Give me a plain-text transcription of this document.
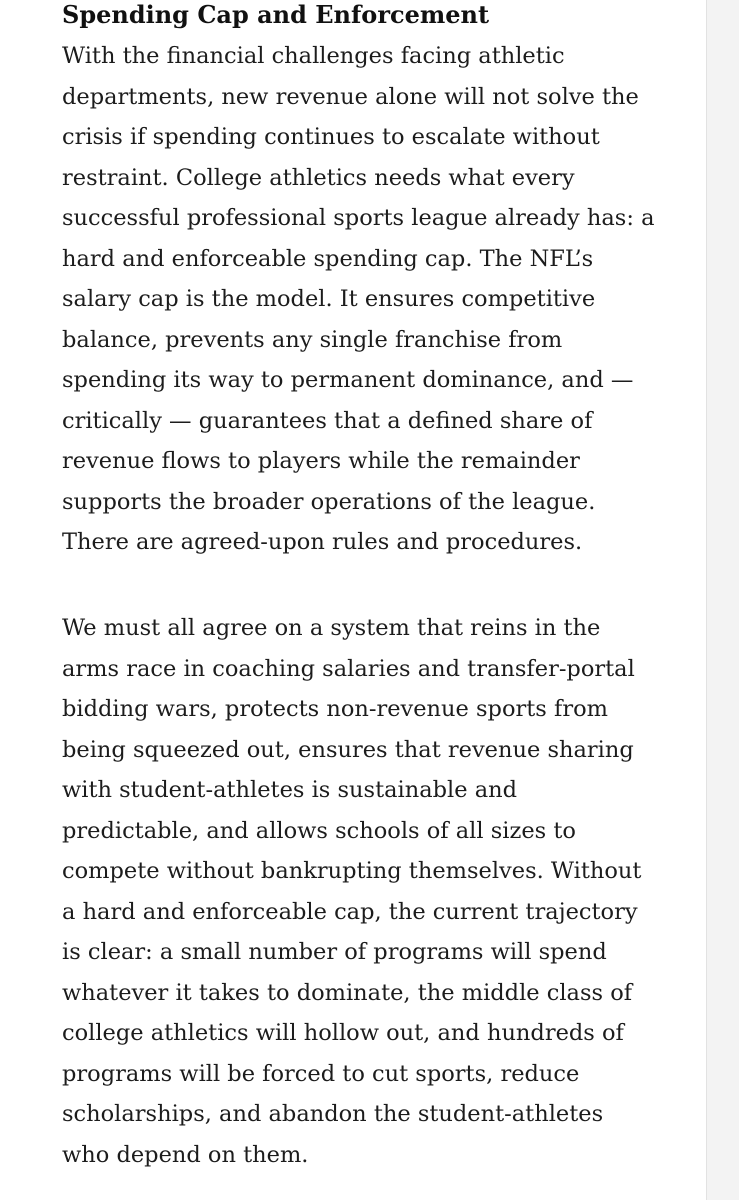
Spending Cap and Enforcement

With the financial challenges facing athletic
departments, new revenue alone will not solve the
crisis if spending continues to escalate without
restraint. College athletics needs what every
successful professional sports league already has: a
hard and enforceable spending cap. The NFL’s
salary cap is the model. It ensures competitive
balance, prevents any single franchise from
spending its way to permanent dominance, and —
critically — guarantees that a defined share of
revenue flows to players while the remainder
supports the broader operations of the league.
There are agreed-upon rules and procedures.

We must all agree on a system that reins in the
arms race in coaching salaries and transfer-portal
bidding wars, protects non-revenue sports from
being squeezed out, ensures that revenue sharing
with student-athletes is sustainable and
predictable, and allows schools of all sizes to
compete without bankrupting themselves. Without
a hard and enforceable cap, the current trajectory
is clear: a small number of programs will spend
whatever it takes to dominate, the middle class of
college athletics will hollow out, and hundreds of
programs will be forced to cut sports, reduce
scholarships, and abandon the student-athletes
who depend on them.
